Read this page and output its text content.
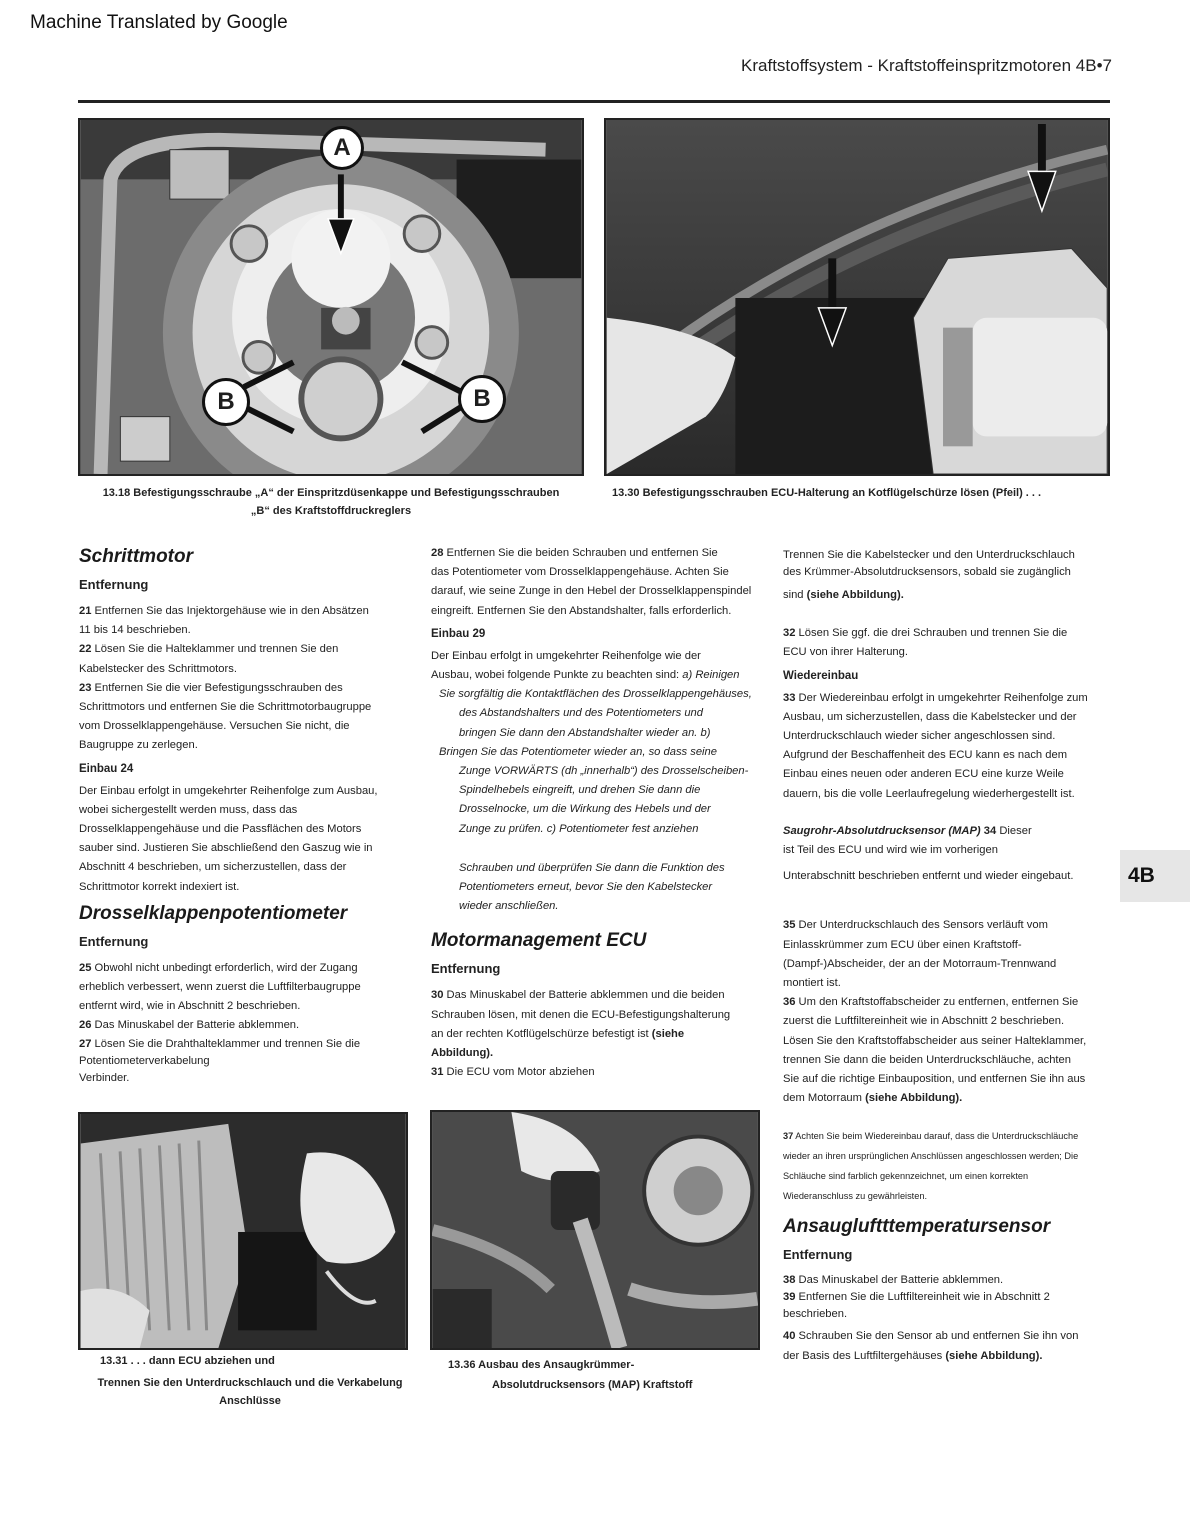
Machine Translated by Google
Kraftstoffsystem - Kraftstoffeinspritzmotoren 4B•7
A
B	B
13.18 Befestigungsschraube „A“ der Einspritzdüsenkappe und Befestigungsschrauben
„B“ des Kraftstoffdruckreglers
13.30 Befestigungsschrauben ECU-Halterung an Kotflügelschürze lösen (Pfeil) . . .
Schrittmotor
Entfernung

21 Entfernen Sie das Injektorgehäuse wie in den Absätzen
11 bis 14 beschrieben.

22 Lösen Sie die Halteklammer und trennen Sie den
Kabelstecker des Schrittmotors.

23 Entfernen Sie die vier Befestigungsschrauben des
Schrittmotors und entfernen Sie die Schrittmotorbaugruppe
vom Drosselklappengehäuse. Versuchen Sie nicht, die
Baugruppe zu zerlegen.

Einbau 24

Der Einbau erfolgt in umgekehrter Reihenfolge zum Ausbau,
wobei sichergestellt werden muss, dass das
Drosselklappengehäuse und die Passflächen des Motors
sauber sind. Justieren Sie abschließend den Gaszug wie in
Abschnitt 4 beschrieben, um sicherzustellen, dass der
Schrittmotor korrekt indexiert ist.

Drosselklappenpotentiometer
Entfernung

25 Obwohl nicht unbedingt erforderlich, wird der Zugang
erheblich verbessert, wenn zuerst die Luftfilterbaugruppe
entfernt wird, wie in Abschnitt 2 beschrieben.

26 Das Minuskabel der Batterie abklemmen.

27 Lösen Sie die Drahthalteklammer und trennen Sie die
Potentiometerverkabelung
Verbinder.

13.31 . . . dann ECU abziehen und
Trennen Sie den Unterdruckschlauch und die Verkabelung
Anschlüsse

28 Entfernen Sie die beiden Schrauben und entfernen Sie
das Potentiometer vom Drosselklappengehäuse. Achten Sie
darauf, wie seine Zunge in den Hebel der Drosselklappenspindel
eingreift. Entfernen Sie den Abstandshalter, falls erforderlich.

Einbau 29

Der Einbau erfolgt in umgekehrter Reihenfolge wie der
Ausbau, wobei folgende Punkte zu beachten sind: a) Reinigen
Sie sorgfältig die Kontaktflächen des Drosselklappengehäuses,
des Abstandshalters und des Potentiometers und
bringen Sie dann den Abstandshalter wieder an. b)
Bringen Sie das Potentiometer wieder an, so dass seine
Zunge VORWÄRTS (dh „innerhalb“) des Drosselscheiben-
Spindelhebels eingreift, und drehen Sie dann die
Drosselnocke, um die Wirkung des Hebels und der
Zunge zu prüfen. c) Potentiometer fest anziehen

Schrauben und überprüfen Sie dann die Funktion des
Potentiometers erneut, bevor Sie den Kabelstecker
wieder anschließen.

Motormanagement ECU
Entfernung

30 Das Minuskabel der Batterie abklemmen und die beiden
Schrauben lösen, mit denen die ECU-Befestigungshalterung
an der rechten Kotflügelschürze befestigt ist (siehe
Abbildung).

31 Die ECU vom Motor abziehen

13.36 Ausbau des Ansaugkrümmer-
Absolutdrucksensors (MAP) Kraftstoff

Trennen Sie die Kabelstecker und den Unterdruckschlauch
des Krümmer-Absolutdrucksensors, sobald sie zugänglich

sind (siehe Abbildung).

32 Lösen Sie ggf. die drei Schrauben und trennen Sie die
ECU von ihrer Halterung.

Wiedereinbau

33 Der Wiedereinbau erfolgt in umgekehrter Reihenfolge zum
Ausbau, um sicherzustellen, dass die Kabelstecker und der
Unterdruckschlauch wieder sicher angeschlossen sind.
Aufgrund der Beschaffenheit des ECU kann es nach dem
Einbau eines neuen oder anderen ECU eine kurze Weile
dauern, bis die volle Leerlaufregelung wiederhergestellt ist.

Saugrohr-Absolutdrucksensor (MAP) 34 Dieser
ist Teil des ECU und wird wie im vorherigen

Unterabschnitt beschrieben entfernt und wieder eingebaut.

35 Der Unterdruckschlauch des Sensors verläuft vom
Einlasskrümmer zum ECU über einen Kraftstoff-
(Dampf-)Abscheider, der an der Motorraum-Trennwand
montiert ist.

36 Um den Kraftstoffabscheider zu entfernen, entfernen Sie
zuerst die Luftfiltereinheit wie in Abschnitt 2 beschrieben.
Lösen Sie den Kraftstoffabscheider aus seiner Halteklammer,
trennen Sie dann die beiden Unterdruckschläuche, achten
Sie auf die richtige Einbauposition, und entfernen Sie ihn aus
dem Motorraum (siehe Abbildung).

37 Achten Sie beim Wiedereinbau darauf, dass die Unterdruckschläuche
wieder an ihren ursprünglichen Anschlüssen angeschlossen werden; Die
Schläuche sind farblich gekennzeichnet, um einen korrekten
Wiederanschluss zu gewährleisten.

Ansaugluftttemperatursensor
Entfernung

38 Das Minuskabel der Batterie abklemmen.

39 Entfernen Sie die Luftfiltereinheit wie in Abschnitt 2
beschrieben.

40 Schrauben Sie den Sensor ab und entfernen Sie ihn von
der Basis des Luftfiltergehäuses (siehe Abbildung).

4B
